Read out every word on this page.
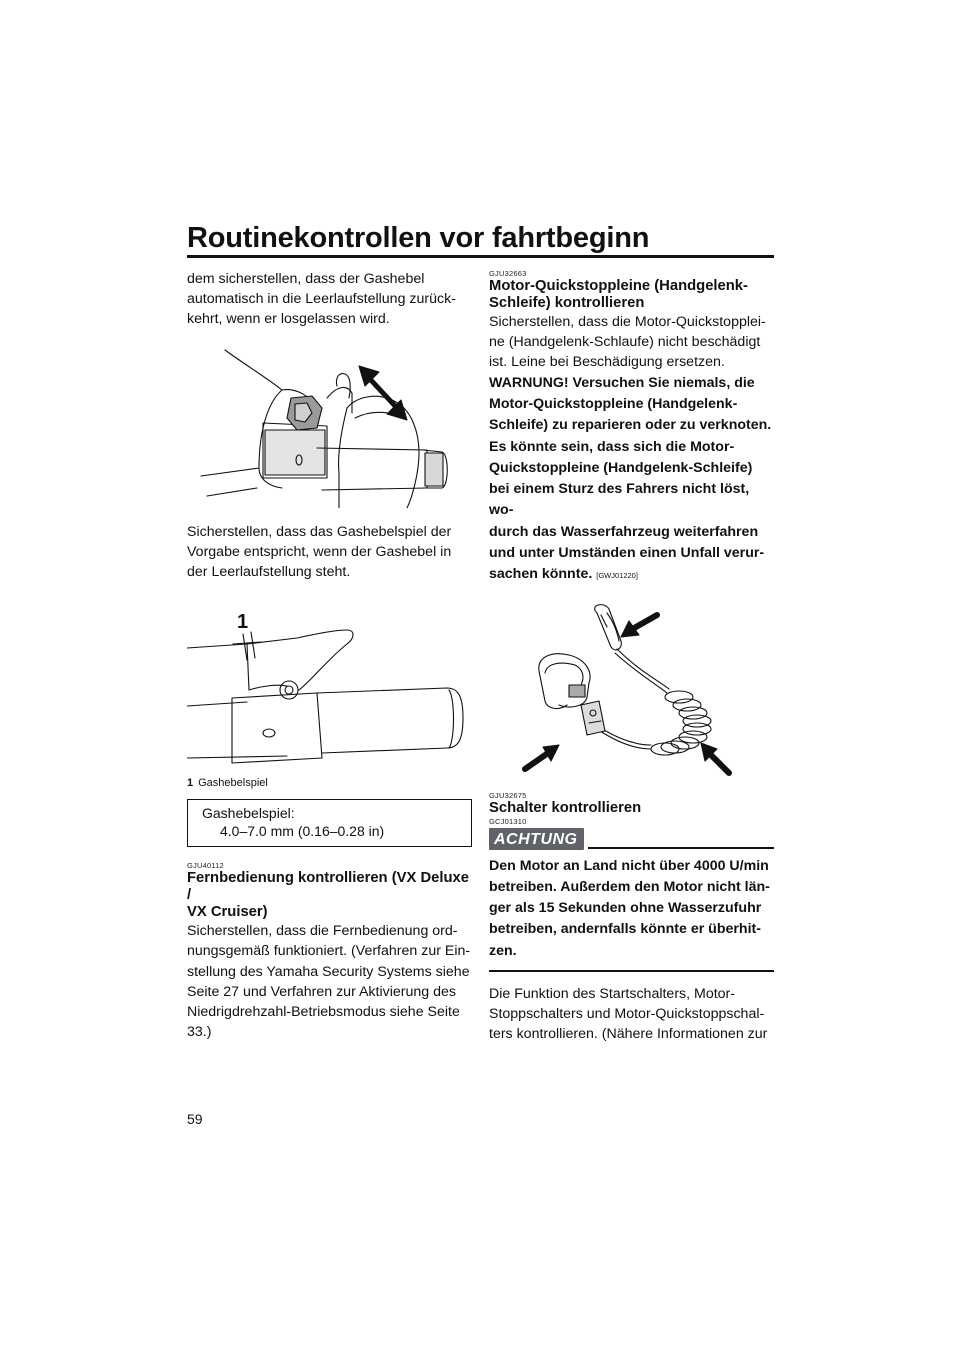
Routinekontrollen vor fahrtbeginn

dem sicherstellen, dass der Gashebel

automatisch in die Leerlaufstellung zurück-

kehrt, wenn er losgelassen wird.

Sicherstellen, dass das Gashebelspiel der

Vorgabe entspricht, wenn der Gashebel in

der Leerlaufstellung steht.

1

1 Gashebelspiel

Gashebelspiel:
4.0–7.0 mm (0.16–0.28 in)

GJU40112

Fernbedienung kontrollieren (VX Deluxe /

VX Cruiser)

Sicherstellen, dass die Fernbedienung ord-

nungsgemäß funktioniert. (Verfahren zur Ein-

stellung des Yamaha Security Systems siehe

Seite 27 und Verfahren zur Aktivierung des

Niedrigdrehzahl-Betriebsmodus siehe Seite

33.)

GJU32663

Motor-Quickstoppleine (Handgelenk-

Schleife) kontrollieren

Sicherstellen, dass die Motor-Quickstopplei-

ne (Handgelenk-Schlaufe) nicht beschädigt

ist. Leine bei Beschädigung ersetzen.

WARNUNG! Versuchen Sie niemals, die

Motor-Quickstoppleine (Handgelenk-

Schleife) zu reparieren oder zu verknoten.

Es könnte sein, dass sich die Motor-

Quickstoppleine (Handgelenk-Schleife)

bei einem Sturz des Fahrers nicht löst, wo-

durch das Wasserfahrzeug weiterfahren

und unter Umständen einen Unfall verur-

sachen könnte. [GWJ01220]

GJU32675

Schalter kontrollieren

GCJ01310

ACHTUNG

Den Motor an Land nicht über 4000 U/min

betreiben. Außerdem den Motor nicht län-

ger als 15 Sekunden ohne Wasserzufuhr

betreiben, andernfalls könnte er überhit-

zen.

Die Funktion des Startschalters, Motor-

Stoppschalters und Motor-Quickstoppschal-

ters kontrollieren. (Nähere Informationen zur

59
